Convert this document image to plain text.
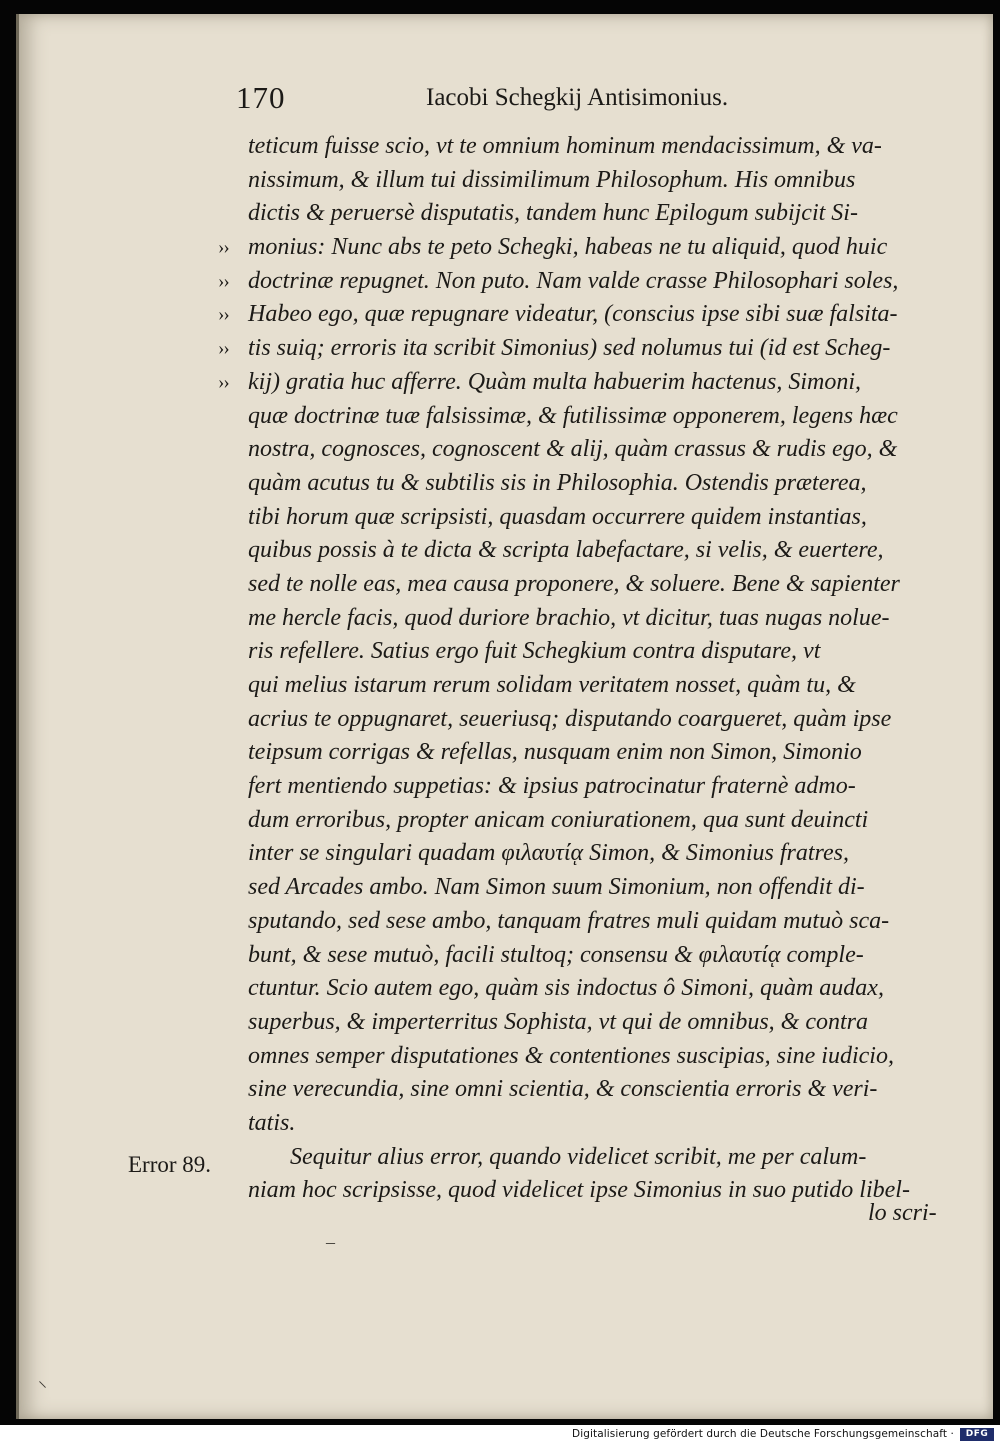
170	Iacobi Schegkij Antisimonius.
teticum fuisse scio, vt te omnium hominum mendacissimum, & va-
nissimum, & illum tui dissimilimum Philosophum. His omnibus
dictis & peruersè disputatis, tandem hunc Epilogum subijcit Si-
›› monius: Nunc abs te peto Schegki, habeas ne tu aliquid, quod huic
›› doctrinæ repugnet. Non puto. Nam valde crasse Philosophari soles,
›› Habeo ego, quæ repugnare videatur, (conscius ipse sibi suæ falsita-
›› tis suiq; erroris ita scribit Simonius) sed nolumus tui (id est Scheg-
›› kij) gratia huc afferre. Quàm multa habuerim hactenus, Simoni,
quæ doctrinæ tuæ falsissimæ, & futilissimæ opponerem, legens hæc
nostra, cognosces, cognoscent & alij, quàm crassus & rudis ego, &
quàm acutus tu & subtilis sis in Philosophia. Ostendis præterea,
tibi horum quæ scripsisti, quasdam occurrere quidem instantias,
quibus possis à te dicta & scripta labefactare, si velis, & euertere,
sed te nolle eas, mea causa proponere, & soluere. Bene & sapienter
me hercle facis, quod duriore brachio, vt dicitur, tuas nugas nolue-
ris refellere. Satius ergo fuit Schegkium contra disputare, vt
qui melius istarum rerum solidam veritatem nosset, quàm tu, &
acrius te oppugnaret, seueriusq; disputando coargueret, quàm ipse
teipsum corrigas & refellas, nusquam enim non Simon, Simonio
fert mentiendo suppetias: & ipsius patrocinatur fraternè admo-
dum erroribus, propter anicam coniurationem, qua sunt deuincti
inter se singulari quadam φιλαυτίᾳ Simon, & Simonius fratres,
sed Arcades ambo. Nam Simon suum Simonium, non offendit di-
sputando, sed sese ambo, tanquam fratres muli quidam mutuò sca-
bunt, & sese mutuò, facili stultoq; consensu & φιλαυτίᾳ comple-
ctuntur. Scio autem ego, quàm sis indoctus ô Simoni, quàm audax,
superbus, & imperterritus Sophista, vt qui de omnibus, & contra
omnes semper disputationes & contentiones suscipias, sine iudicio,
sine verecundia, sine omni scientia, & conscientia erroris & veri-
tatis.
Sequitur alius error, quando videlicet scribit, me per calum-
niam hoc scripsisse, quod videlicet ipse Simonius in suo putido libel-
Error 89.
lo scri-
–
⸌
Digitalisierung gefördert durch die Deutsche Forschungsgemeinschaft ·	DFG
